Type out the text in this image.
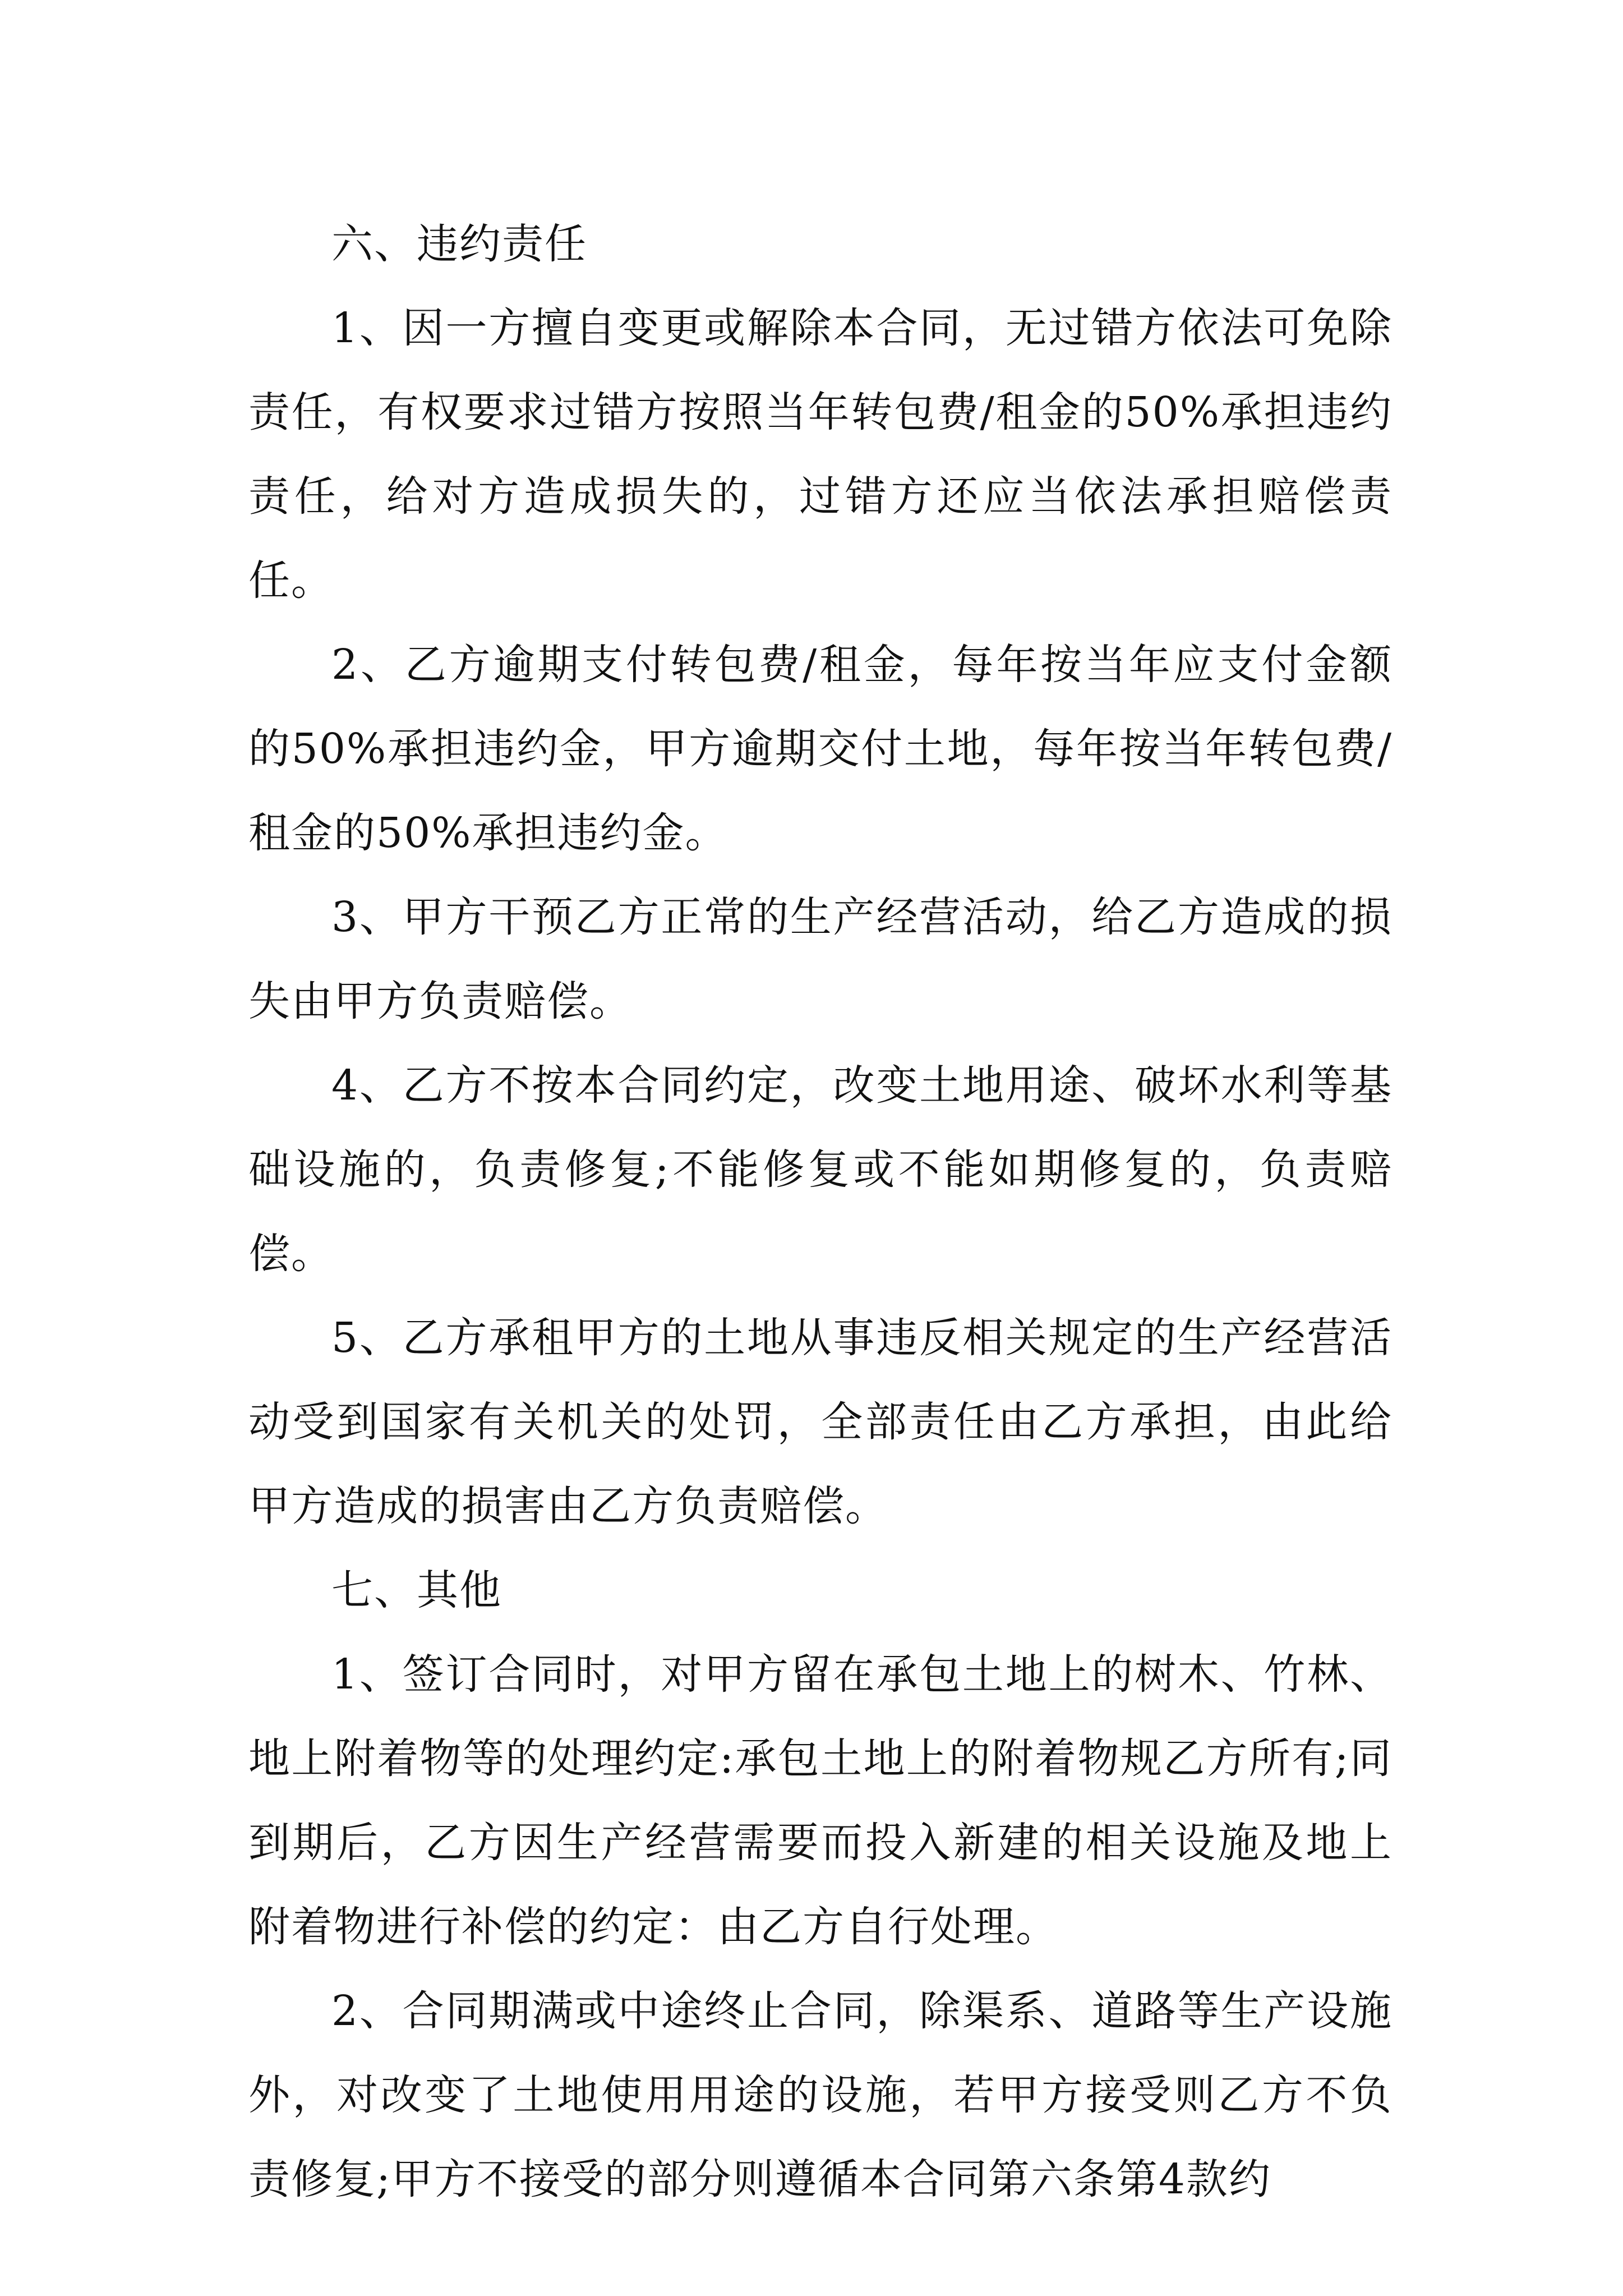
六、违约责任

1、因一方擅自变更或解除本合同，无过错方依法可免除责任，有权要求过错方按照当年转包费/租金的50%承担违约责任，给对方造成损失的，过错方还应当依法承担赔偿责任。

2、乙方逾期支付转包费/租金，每年按当年应支付金额的50%承担违约金，甲方逾期交付土地，每年按当年转包费/租金的50%承担违约金。

3、甲方干预乙方正常的生产经营活动，给乙方造成的损失由甲方负责赔偿。

4、乙方不按本合同约定，改变土地用途、破坏水利等基础设施的，负责修复;不能修复或不能如期修复的，负责赔偿。

5、乙方承租甲方的土地从事违反相关规定的生产经营活动受到国家有关机关的处罚，全部责任由乙方承担，由此给甲方造成的损害由乙方负责赔偿。

七、其他

1、签订合同时，对甲方留在承包土地上的树木、竹林、地上附着物等的处理约定:承包土地上的附着物规乙方所有;同到期后，乙方因生产经营需要而投入新建的相关设施及地上附着物进行补偿的约定：由乙方自行处理。

2、合同期满或中途终止合同，除渠系、道路等生产设施外，对改变了土地使用用途的设施，若甲方接受则乙方不负责修复;甲方不接受的部分则遵循本合同第六条第4款约
